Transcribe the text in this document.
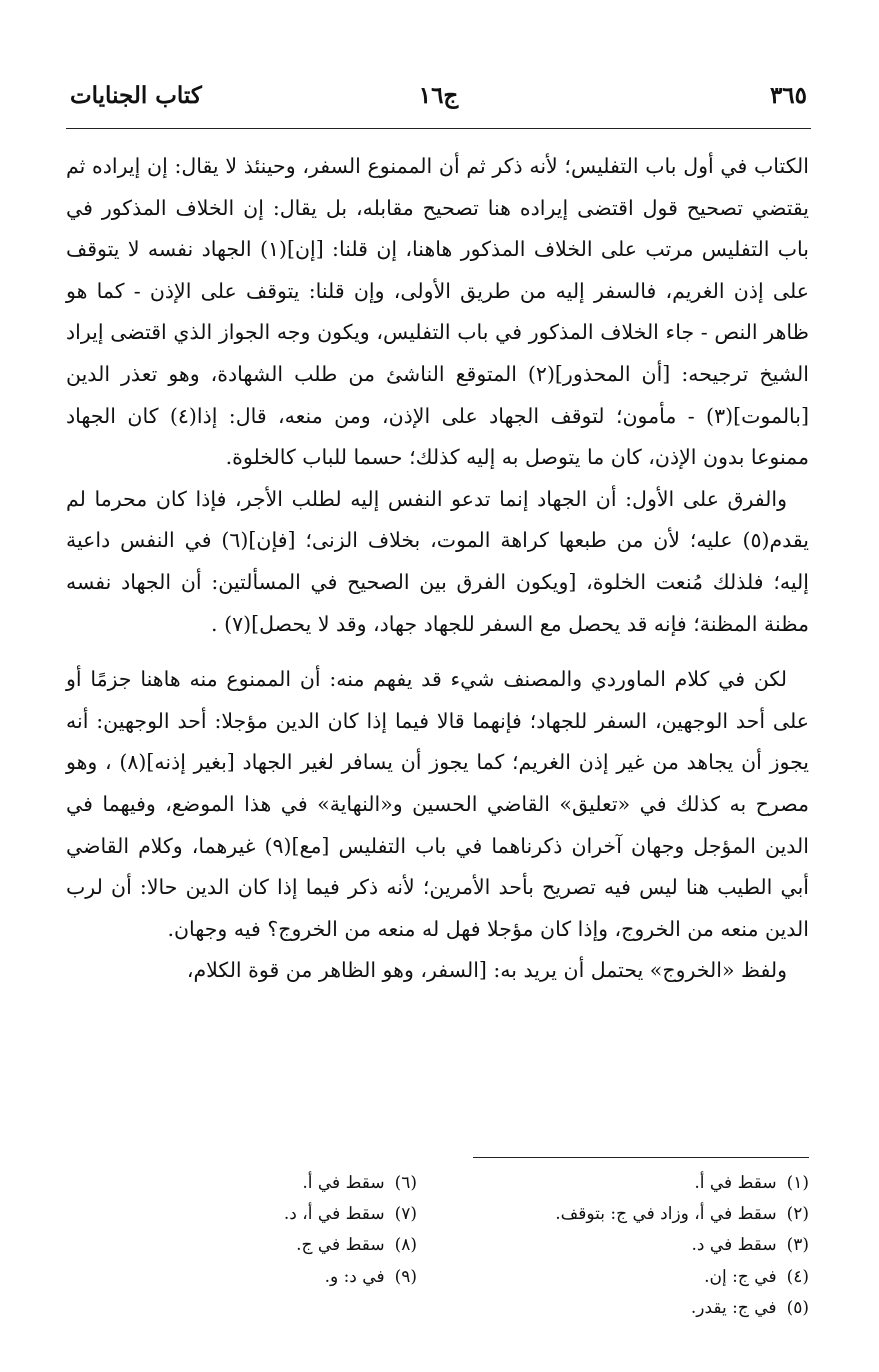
٣٦٥
ج١٦
كتاب الجنايات

الكتاب في أول باب التفليس؛ لأنه ذكر ثم أن الممنوع السفر، وحينئذ لا يقال: إن إيراده ثم يقتضي تصحيح قول اقتضى إيراده هنا تصحيح مقابله، بل يقال: إن الخلاف المذكور في باب التفليس مرتب على الخلاف المذكور هاهنا، إن قلنا: [إن](١) الجهاد نفسه لا يتوقف على إذن الغريم، فالسفر إليه من طريق الأولى، وإن قلنا: يتوقف على الإذن - كما هو ظاهر النص - جاء الخلاف المذكور في باب التفليس، ويكون وجه الجواز الذي اقتضى إيراد الشيخ ترجيحه: [أن المحذور](٢) المتوقع الناشئ من طلب الشهادة، وهو تعذر الدين [بالموت](٣) - مأمون؛ لتوقف الجهاد على الإذن، ومن منعه، قال: إذا(٤) كان الجهاد ممنوعا بدون الإذن، كان ما يتوصل به إليه كذلك؛ حسما للباب كالخلوة.

والفرق على الأول: أن الجهاد إنما تدعو النفس إليه لطلب الأجر، فإذا كان محرما لم يقدم(٥) عليه؛ لأن من طبعها كراهة الموت، بخلاف الزنى؛ [فإن](٦) في النفس داعية إليه؛ فلذلك مُنعت الخلوة، [ويكون الفرق بين الصحيح في المسألتين: أن الجهاد نفسه مظنة المظنة؛ فإنه قد يحصل مع السفر للجهاد جهاد، وقد لا يحصل](٧) .

لكن في كلام الماوردي والمصنف شيء قد يفهم منه: أن الممنوع منه هاهنا جزمًا أو على أحد الوجهين، السفر للجهاد؛ فإنهما قالا فيما إذا كان الدين مؤجلا: أحد الوجهين: أنه يجوز أن يجاهد من غير إذن الغريم؛ كما يجوز أن يسافر لغير الجهاد [بغير إذنه](٨) ، وهو مصرح به كذلك في «تعليق» القاضي الحسين و«النهاية» في هذا الموضع، وفيهما في الدين المؤجل وجهان آخران ذكرناهما في باب التفليس [مع](٩) غيرهما، وكلام القاضي أبي الطيب هنا ليس فيه تصريح بأحد الأمرين؛ لأنه ذكر فيما إذا كان الدين حالا: أن لرب الدين منعه من الخروج، وإذا كان مؤجلا فهل له منعه من الخروج؟ فيه وجهان.

ولفظ «الخروج» يحتمل أن يريد به: [السفر، وهو الظاهر من قوة الكلام،

(١)سقط في أ.
(٢)سقط في أ، وزاد في ج: بتوقف.
(٣)سقط في د.
(٤)في ج: إن.
(٥)في ج: يقدر.
(٦)سقط في أ.
(٧)سقط في أ، د.
(٨)سقط في ج.
(٩)في د: و.
